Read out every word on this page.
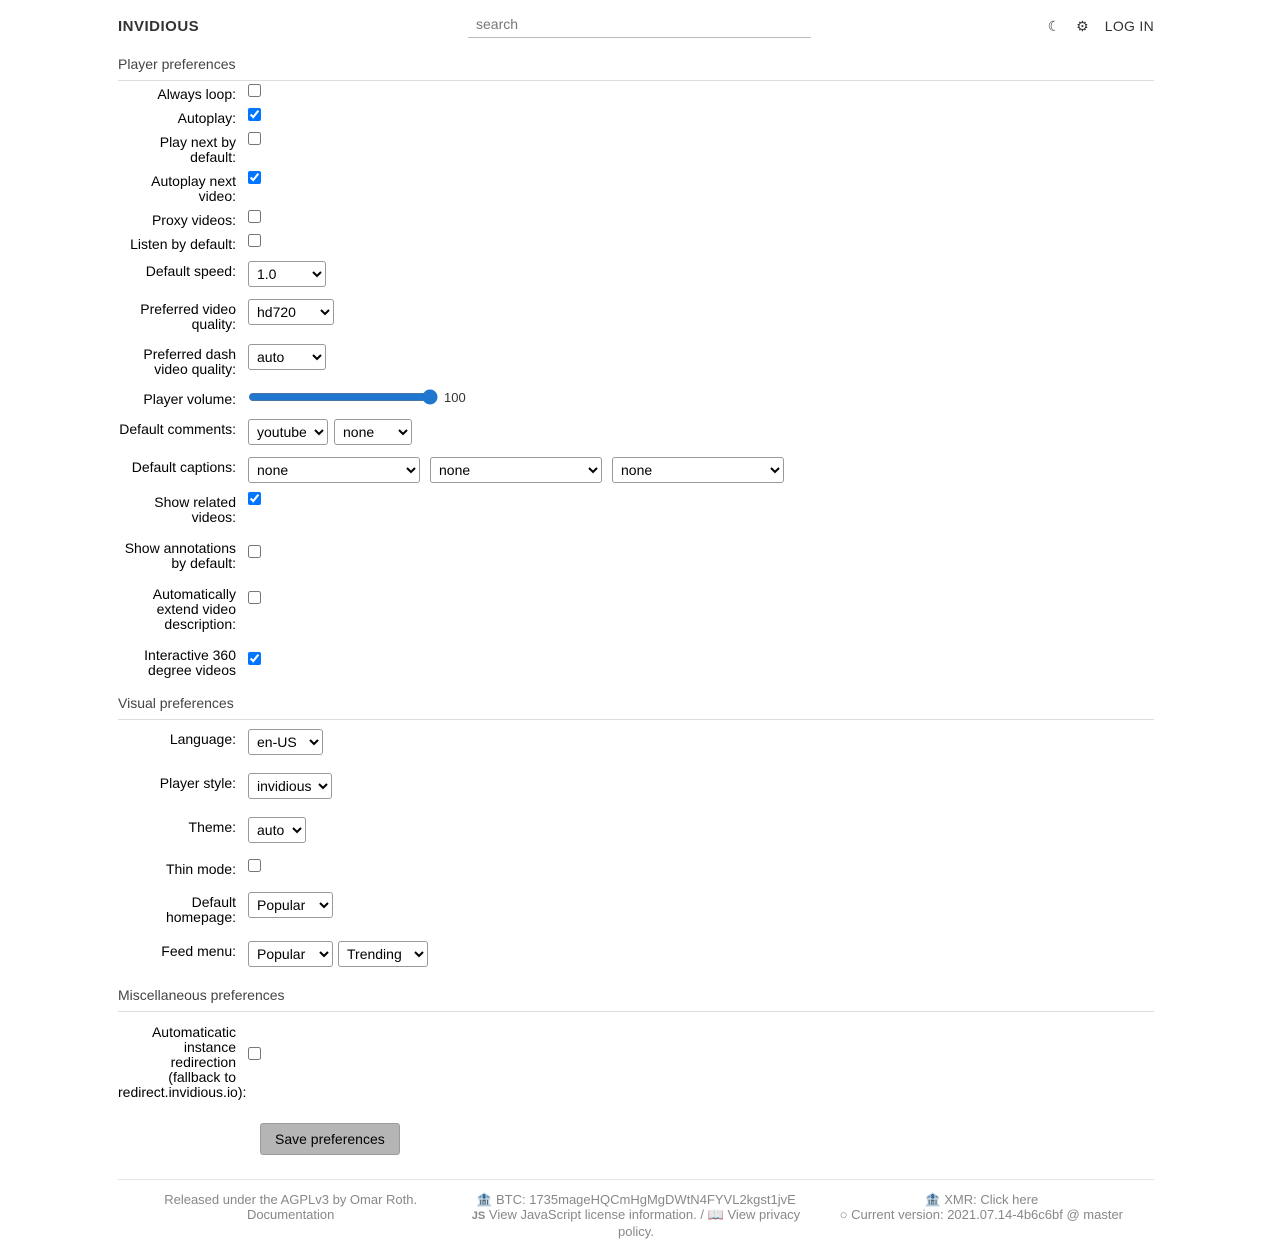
INVIDIOUS
search	☾ ⚙ LOG IN
Player preferences
Always loop:
Autoplay:
Play next by default:
Autoplay next video:
Proxy videos:
Listen by default:
Default speed:
1.0
Preferred video quality:
hd720
Preferred dash video quality:
auto
Player volume:	100
Default comments:
youtube
none
Default captions:
none
none
none
Show related videos:
Show annotations by default:
Automatically extend video description:
Interactive 360 degree videos
Visual preferences
Language:
en-US
Player style:
invidious
Theme:
auto
Thin mode:
Default homepage:
Popular
Feed menu:
Popular
Trending
Miscellaneous preferences
Automaticatic instance redirection (fallback to redirect.invidious.io):
Save preferences
Released under the AGPLv3 by Omar Roth.
Documentation
🏦 BTC: 1735mageHQCmHgMgDWtN4FYVL2kgst1jvE
JS View JavaScript license information. / 📖 View privacy policy.
🏦 XMR: Click here
○ Current version: 2021.07.14-4b6c6bf @ master
